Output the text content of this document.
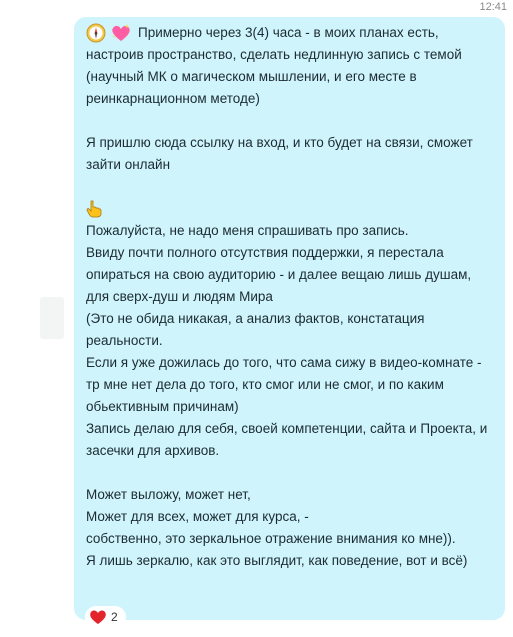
12:41
Примерно через 3(4) часа - в моих планах есть,
настроив пространство, сделать недлинную запись с темой
(научный МК о магическом мышлении, и его месте в
реинкарнационном методе)
Я пришлю сюда ссылку на вход, и кто будет на связи, сможет
зайти онлайн
Пожалуйста, не надо меня спрашивать про запись.
Ввиду почти полного отсутствия поддержки, я перестала
опираться на свою аудиторию - и далее вещаю лишь душам,
для сверх-душ и людям Мира
(Это не обида никакая, а анализ фактов, констатация
реальности.
Если я уже дожилась до того, что сама сижу в видео-комнате -
тр мне нет дела до того, кто смог или не смог, и по каким
обьективным причинам)
Запись делаю для себя, своей компетенции, сайта и Проекта, и
засечки для архивов.
Может выложу, может нет,
Может для всех, может для курса, -
собственно, это зеркальное отражение внимания ко мне)).
Я лишь зеркалю, как это выглядит, как поведение, вот и всё)
2
